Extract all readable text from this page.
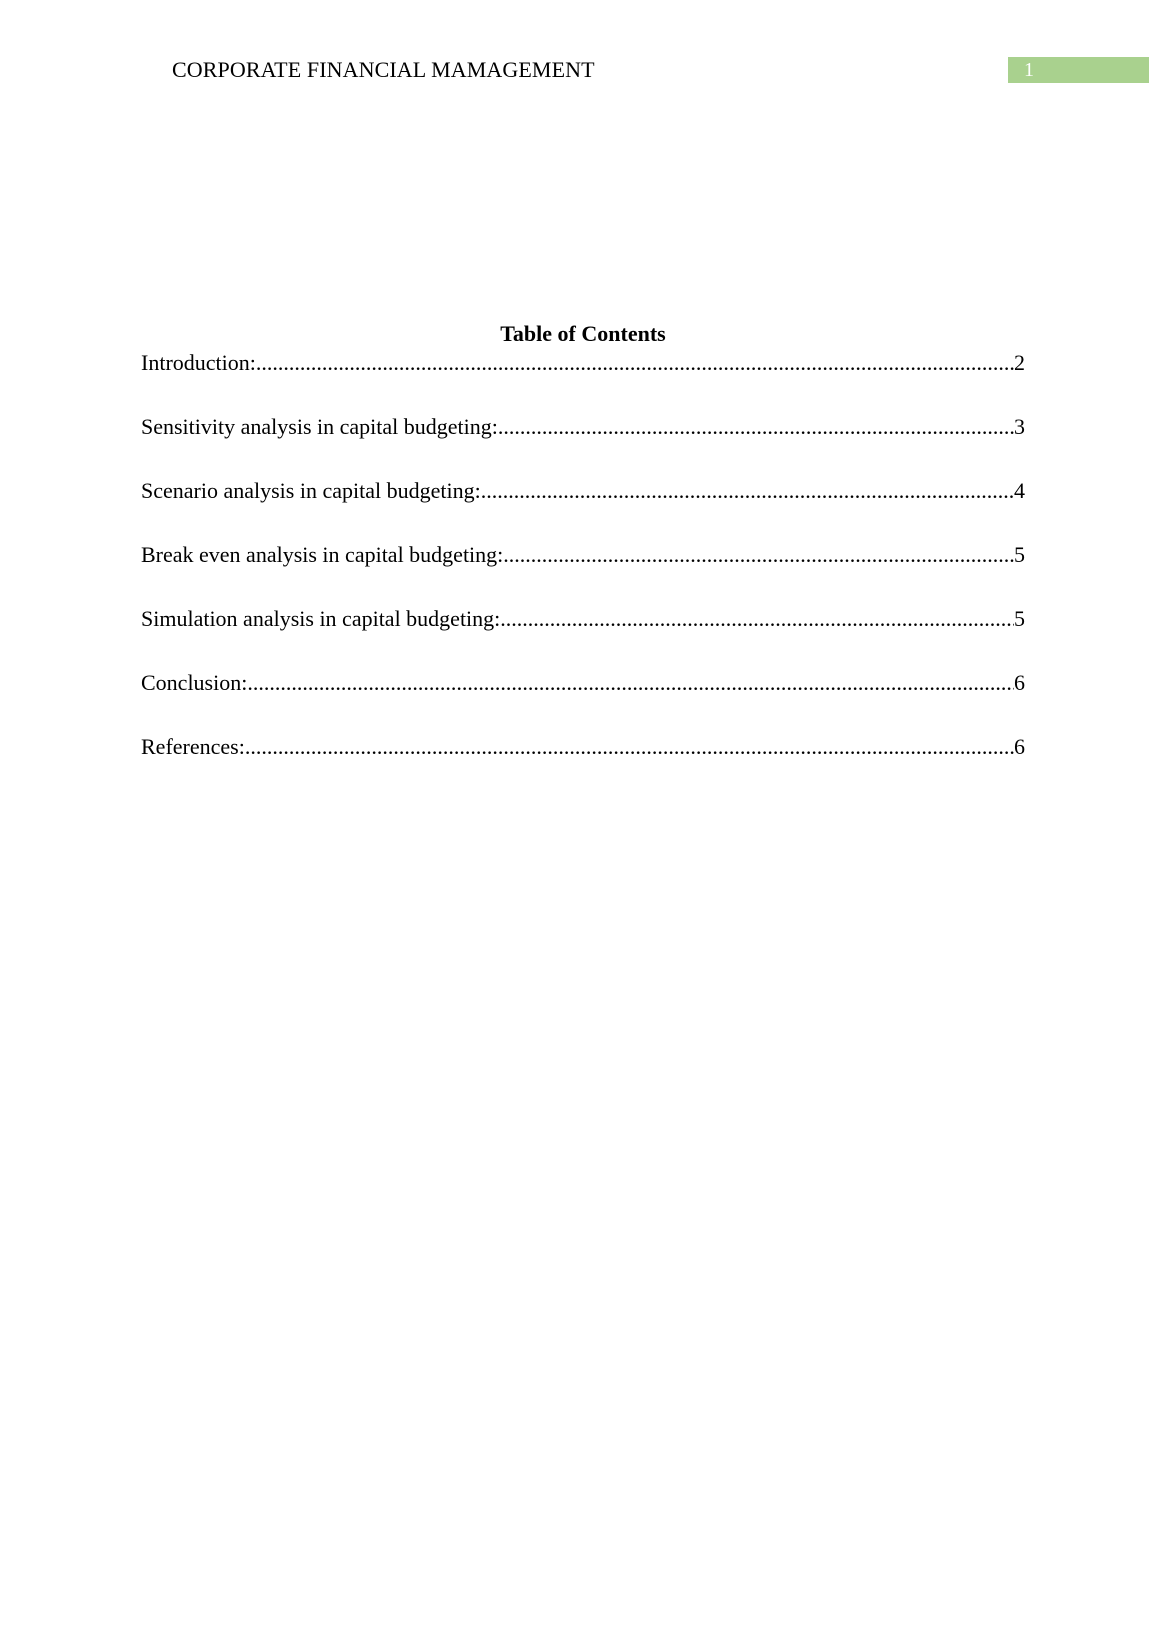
CORPORATE FINANCIAL MAMAGEMENT	1
Table of Contents
Introduction: .....	2
Sensitivity analysis in capital budgeting: .....	3
Scenario analysis in capital budgeting: .....	4
Break even analysis in capital budgeting: .....	5
Simulation analysis in capital budgeting: .....	5
Conclusion: .....	6
References: .....	6
